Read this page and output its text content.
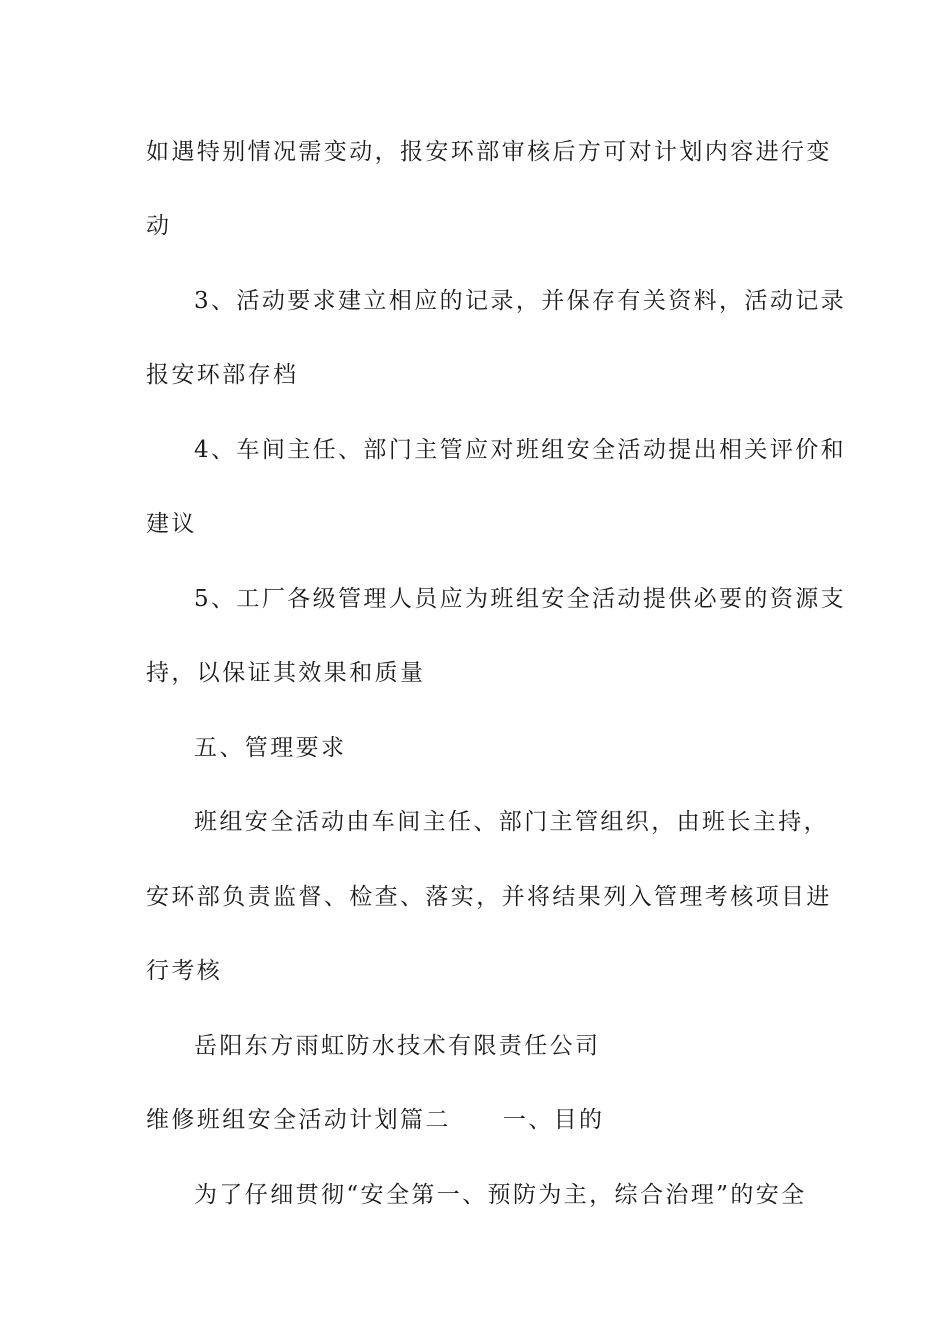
如遇特别情况需变动，报安环部审核后方可对计划内容进行变
动
3、活动要求建立相应的记录，并保存有关资料，活动记录
报安环部存档
4、车间主任、部门主管应对班组安全活动提出相关评价和
建议
5、工厂各级管理人员应为班组安全活动提供必要的资源支
持，以保证其效果和质量
五、管理要求
班组安全活动由车间主任、部门主管组织，由班长主持，
安环部负责监督、检查、落实，并将结果列入管理考核项目进
行考核
岳阳东方雨虹防水技术有限责任公司
维修班组安全活动计划篇二 一、目的
为了仔细贯彻“安全第一、预防为主，综合治理”的安全
